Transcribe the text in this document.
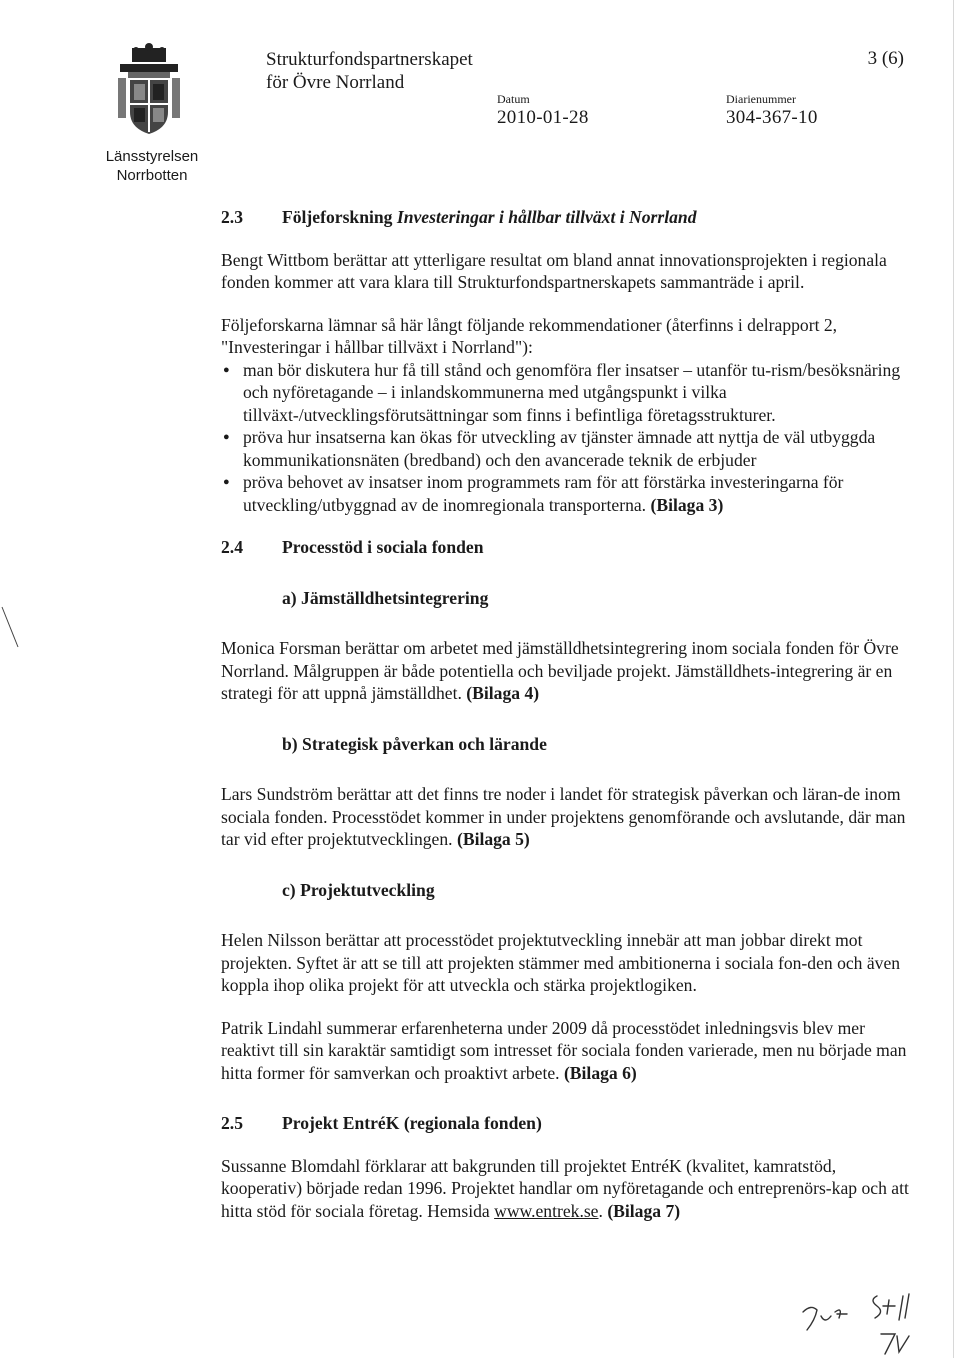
Länsstyrelsen
Norrbotten
Strukturfondspartnerskapet
för Övre Norrland
3 (6)
Datum
2010-01-28
Diarienummer
304-367-10
2.3	Följeforskning Investeringar i hållbar tillväxt i Norrland

Bengt Wittbom berättar att ytterligare resultat om bland annat innovationsprojekten i regionala fonden kommer att vara klara till Strukturfondspartnerskapets sammanträde i april.

Följeforskarna lämnar så här långt följande rekommendationer (återfinns i delrapport 2, "Investeringar i hållbar tillväxt i Norrland"):

● man bör diskutera hur få till stånd och genomföra fler insatser – utanför tu-rism/besöksnäring och nyföretagande – i inlandskommunerna med utgångspunkt i vilka tillväxt-/utvecklingsförutsättningar som finns i befintliga företagsstrukturer.
● pröva hur insatserna kan ökas för utveckling av tjänster ämnade att nyttja de väl utbyggda kommunikationsnäten (bredband) och den avancerade teknik de erbjuder
● pröva behovet av insatser inom programmets ram för att förstärka investeringarna för utveckling/utbyggnad av de inomregionala transporterna. (Bilaga 3)
2.4	Processtöd i sociala fonden

a) Jämställdhetsintegrering

Monica Forsman berättar om arbetet med jämställdhetsintegrering inom sociala fonden för Övre Norrland. Målgruppen är både potentiella och beviljade projekt. Jämställdhets-integrering är en strategi för att uppnå jämställdhet. (Bilaga 4)

b) Strategisk påverkan och lärande

Lars Sundström berättar att det finns tre noder i landet för strategisk påverkan och läran-de inom sociala fonden. Processtödet kommer in under projektens genomförande och avslutande, där man tar vid efter projektutvecklingen. (Bilaga 5)

c) Projektutveckling

Helen Nilsson berättar att processtödet projektutveckling innebär att man jobbar direkt mot projekten. Syftet är att se till att projekten stämmer med ambitionerna i sociala fon-den och även koppla ihop olika projekt för att utveckla och stärka projektlogiken.

Patrik Lindahl summerar erfarenheterna under 2009 då processtödet inledningsvis blev mer reaktivt till sin karaktär samtidigt som intresset för sociala fonden varierade, men nu började man hitta former för samverkan och proaktivt arbete. (Bilaga 6)

2.5	Projekt EntréK (regionala fonden)

Sussanne Blomdahl förklarar att bakgrunden till projektet EntréK (kvalitet, kamratstöd, kooperativ) började redan 1996. Projektet handlar om nyföretagande och entreprenörs-kap och att hitta stöd för sociala företag. Hemsida www.entrek.se. (Bilaga 7)
